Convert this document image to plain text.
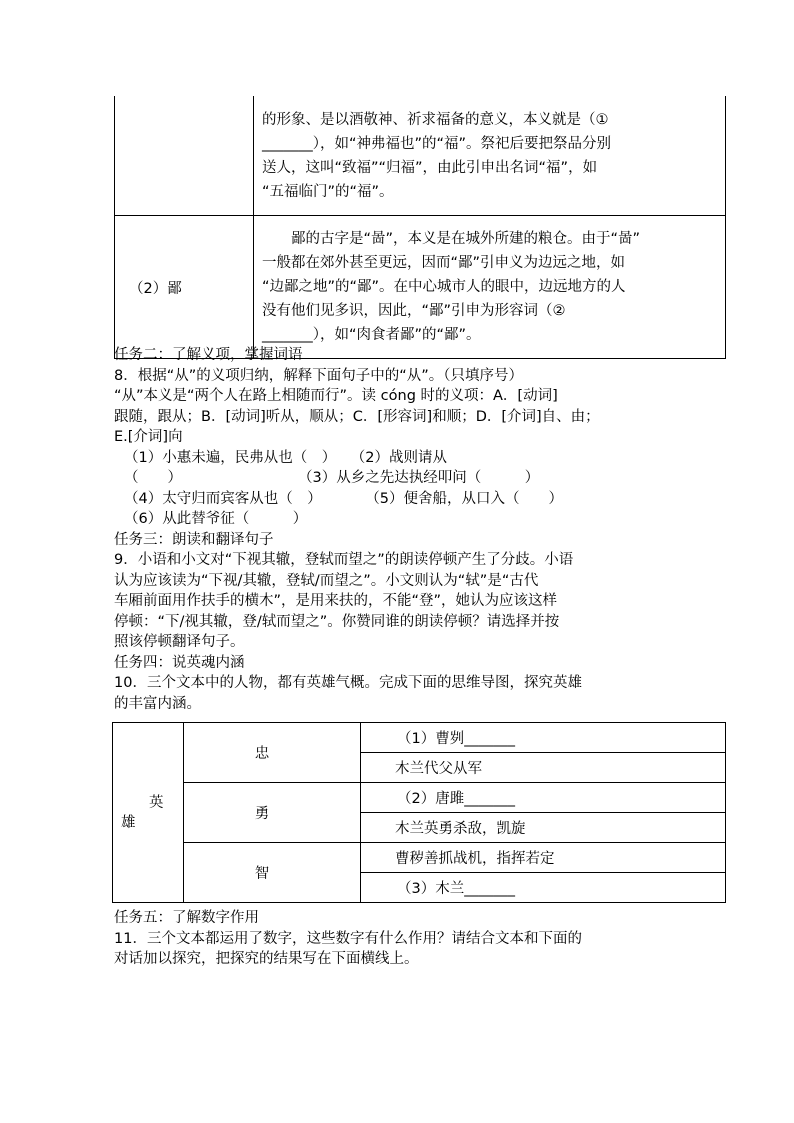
	的形象、是以酒敬神、祈求福备的意义，本义就是（①
_______），如“神弗福也”的“福”。祭祀后要把祭品分别
送人，这叫“致福”“归福”，由此引申出名词“福”，如
“五福临门”的“福”。

（2）鄙	　　鄙的古字是“啚”，本义是在城外所建的粮仓。由于“啚”
一般都在郊外甚至更远，因而“鄙”引申义为边远之地，如
“边鄙之地”的“鄙”。在中心城市人的眼中，边远地方的人
没有他们见多识，因此，“鄙”引申为形容词（②
_______），如“肉食者鄙”的“鄙”。
任务二：了解义项，掌握词语
8．根据“从”的义项归纳，解释下面句子中的“从”。（只填序号）
“从”本义是“两个人在路上相随而行”。读 cóng 时的义项：A．[动词]
跟随，跟从；B．[动词]听从，顺从；C．[形容词]和顺；D．[介词]自、由；
E.[介词]向
（1）小惠未遍，民弗从也（　）　　（2）战则请从
（　　）　　　　　　　　　（3）从乡之先达执经叩问（　　　）
（4）太守归而宾客从也（　）　　　　（5）便舍船，从口入（　　）
（6）从此替爷征（　　　）
任务三：朗读和翻译句子
9．小语和小文对“下视其辙，登轼而望之”的朗读停顿产生了分歧。小语
认为应该读为“下视/其辙，登轼/而望之”。小文则认为“轼”是“古代
车厢前面用作扶手的横木”，是用来扶的，不能“登”，她认为应该这样
停顿：“下/视其辙，登/轼而望之”。你赞同谁的朗读停顿？请选择并按
照该停顿翻译句子。
任务四：说英魂内涵
10．三个文本中的人物，都有英雄气概。完成下面的思维导图，探究英雄
的丰富内涵。
英
雄	忠	（1）曹刿_______
		木兰代父从军
	勇	（2）唐雎_______
		木兰英勇杀敌，凯旋
	智	曹秽善抓战机，指挥若定
		（3）木兰_______
任务五：了解数字作用
11．三个文本都运用了数字，这些数字有什么作用？请结合文本和下面的
对话加以探究，把探究的结果写在下面横线上。
